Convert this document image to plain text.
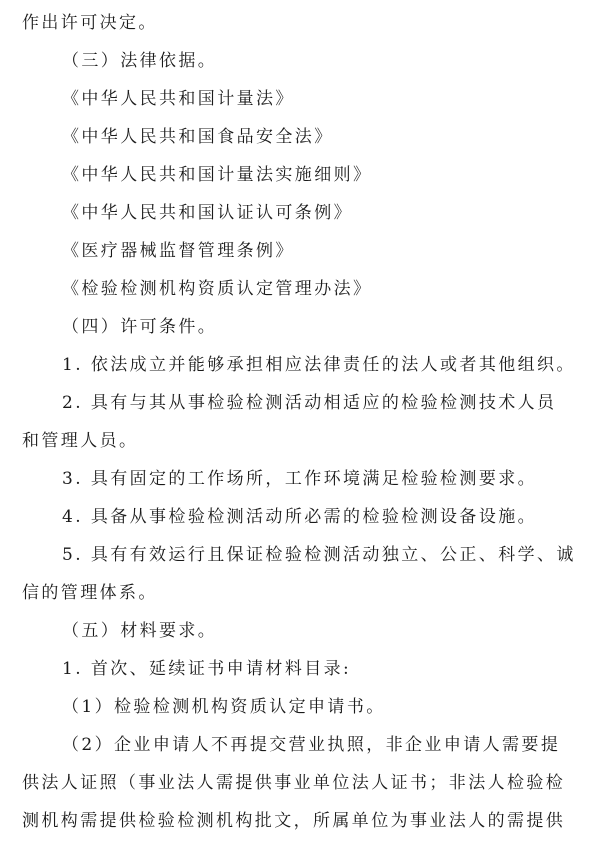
作出许可决定。
（三）法律依据。
《中华人民共和国计量法》
《中华人民共和国食品安全法》
《中华人民共和国计量法实施细则》
《中华人民共和国认证认可条例》
《医疗器械监督管理条例》
《检验检测机构资质认定管理办法》
（四）许可条件。
1. 依法成立并能够承担相应法律责任的法人或者其他组织。
2. 具有与其从事检验检测活动相适应的检验检测技术人员
和管理人员。
3. 具有固定的工作场所，工作环境满足检验检测要求。
4. 具备从事检验检测活动所必需的检验检测设备设施。
5. 具有有效运行且保证检验检测活动独立、公正、科学、诚
信的管理体系。
（五）材料要求。
1. 首次、延续证书申请材料目录:
（1）检验检测机构资质认定申请书。
（2）企业申请人不再提交营业执照，非企业申请人需要提
供法人证照（事业法人需提供事业单位法人证书；非法人检验检
测机构需提供检验检测机构批文，所属单位为事业法人的需提供
